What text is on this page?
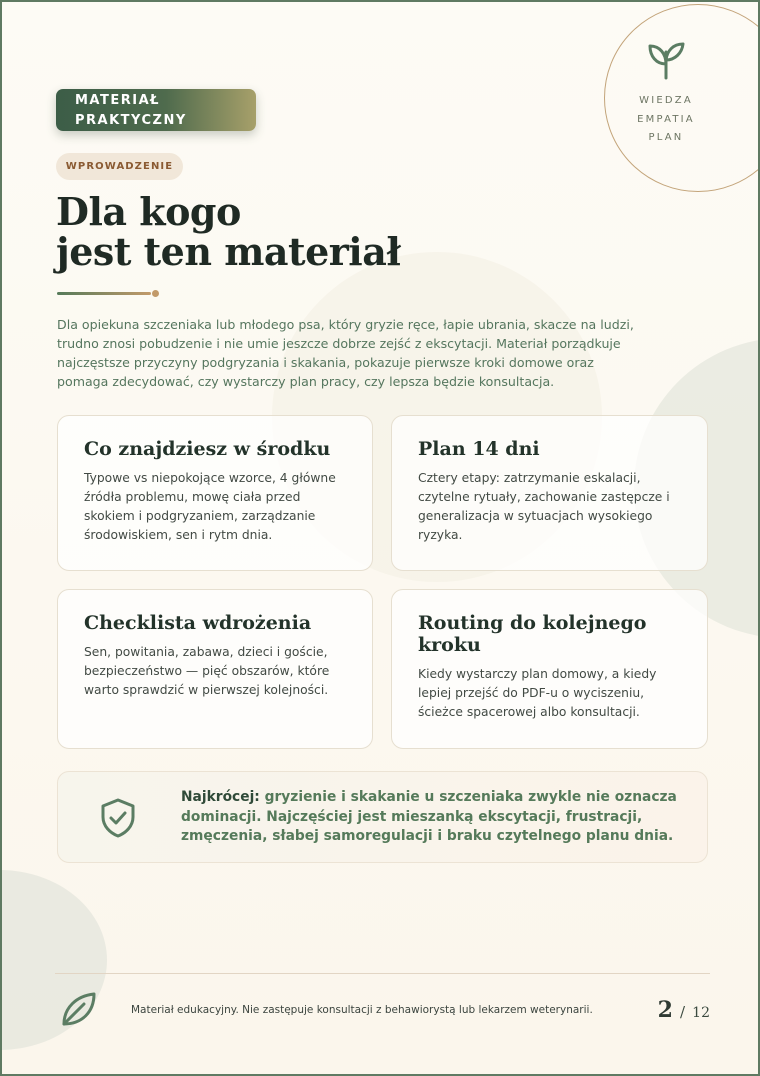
WIEDZA
EMPATIA
PLAN
MATERIAŁ
PRAKTYCZNY
WPROWADZENIE
Dla kogo
jest ten materiał

Dla opiekuna szczeniaka lub młodego psa, który gryzie ręce, łapie ubrania, skacze na ludzi, trudno znosi pobudzenie i nie umie jeszcze dobrze zejść z ekscytacji. Materiał porządkuje najczęstsze przyczyny podgryzania i skakania, pokazuje pierwsze kroki domowe oraz pomaga zdecydować, czy wystarczy plan pracy, czy lepsza będzie konsultacja.

Co znajdziesz w środku

Typowe vs niepokojące wzorce, 4 główne źródła problemu, mowę ciała przed skokiem i podgryzaniem, zarządzanie środowiskiem, sen i rytm dnia.

Plan 14 dni

Cztery etapy: zatrzymanie eskalacji, czytelne rytuały, zachowanie zastępcze i generalizacja w sytuacjach wysokiego ryzyka.

Checklista wdrożenia

Sen, powitania, zabawa, dzieci i goście, bezpieczeństwo — pięć obszarów, które warto sprawdzić w pierwszej kolejności.

Routing do kolejnego kroku

Kiedy wystarczy plan domowy, a kiedy lepiej przejść do PDF-u o wyciszeniu, ścieżce spacerowej albo konsultacji.

Najkrócej: gryzienie i skakanie u szczeniaka zwykle nie oznacza dominacji. Najczęściej jest mieszanką ekscytacji, frustracji, zmęczenia, słabej samoregulacji i braku czytelnego planu dnia.

Materiał edukacyjny. Nie zastępuje konsultacji z behawiorystą lub lekarzem weterynarii.	2 / 12
